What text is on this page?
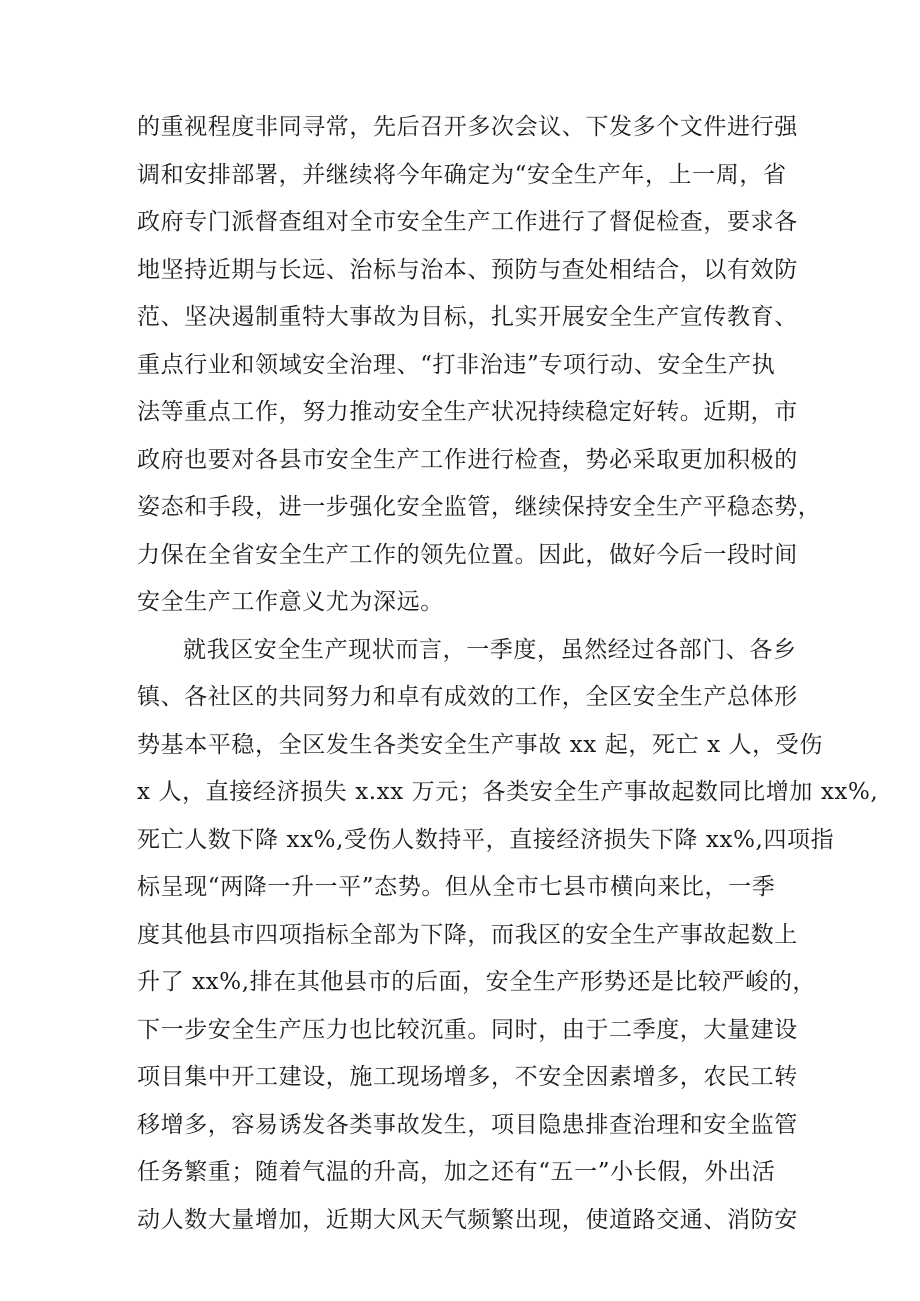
的重视程度非同寻常，先后召开多次会议、下发多个文件进行强
调和安排部署，并继续将今年确定为“安全生产年，上一周，省
政府专门派督查组对全市安全生产工作进行了督促检查，要求各
地坚持近期与长远、治标与治本、预防与查处相结合，以有效防
范、坚决遏制重特大事故为目标，扎实开展安全生产宣传教育、
重点行业和领域安全治理、“打非治违”专项行动、安全生产执
法等重点工作，努力推动安全生产状况持续稳定好转。近期，市
政府也要对各县市安全生产工作进行检查，势必采取更加积极的
姿态和手段，进一步强化安全监管，继续保持安全生产平稳态势，
力保在全省安全生产工作的领先位置。因此，做好今后一段时间
安全生产工作意义尤为深远。
就我区安全生产现状而言，一季度，虽然经过各部门、各乡
镇、各社区的共同努力和卓有成效的工作，全区安全生产总体形
势基本平稳，全区发生各类安全生产事故 xx 起，死亡 x 人，受伤
x 人，直接经济损失 x.xx 万元；各类安全生产事故起数同比增加 xx%,
死亡人数下降 xx%,受伤人数持平，直接经济损失下降 xx%,四项指
标呈现“两降一升一平”态势。但从全市七县市横向来比，一季
度其他县市四项指标全部为下降，而我区的安全生产事故起数上
升了 xx%,排在其他县市的后面，安全生产形势还是比较严峻的，
下一步安全生产压力也比较沉重。同时，由于二季度，大量建设
项目集中开工建设，施工现场增多，不安全因素增多，农民工转
移增多，容易诱发各类事故发生，项目隐患排查治理和安全监管
任务繁重；随着气温的升高，加之还有“五一”小长假，外出活
动人数大量增加，近期大风天气频繁出现，使道路交通、消防安
